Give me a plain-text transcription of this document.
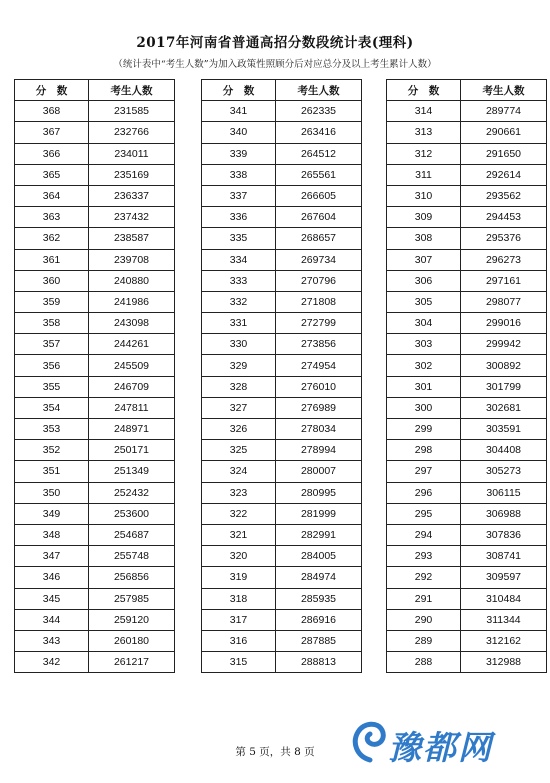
2017年河南省普通高招分数段统计表(理科)
（统计表中“考生人数”为加入政策性照顾分后对应总分及以上考生累计人数）
分　数	考生人数
368	231585
367	232766
366	234011
365	235169
364	236337
363	237432
362	238587
361	239708
360	240880
359	241986
358	243098
357	244261
356	245509
355	246709
354	247811
353	248971
352	250171
351	251349
350	252432
349	253600
348	254687
347	255748
346	256856
345	257985
344	259120
343	260180
342	261217
分　数	考生人数
341	262335
340	263416
339	264512
338	265561
337	266605
336	267604
335	268657
334	269734
333	270796
332	271808
331	272799
330	273856
329	274954
328	276010
327	276989
326	278034
325	278994
324	280007
323	280995
322	281999
321	282991
320	284005
319	284974
318	285935
317	286916
316	287885
315	288813
分　数	考生人数
314	289774
313	290661
312	291650
311	292614
310	293562
309	294453
308	295376
307	296273
306	297161
305	298077
304	299016
303	299942
302	300892
301	301799
300	302681
299	303591
298	304408
297	305273
296	306115
295	306988
294	307836
293	308741
292	309597
291	310484
290	311344
289	312162
288	312988
第 5 页，共 8 页	豫都网
